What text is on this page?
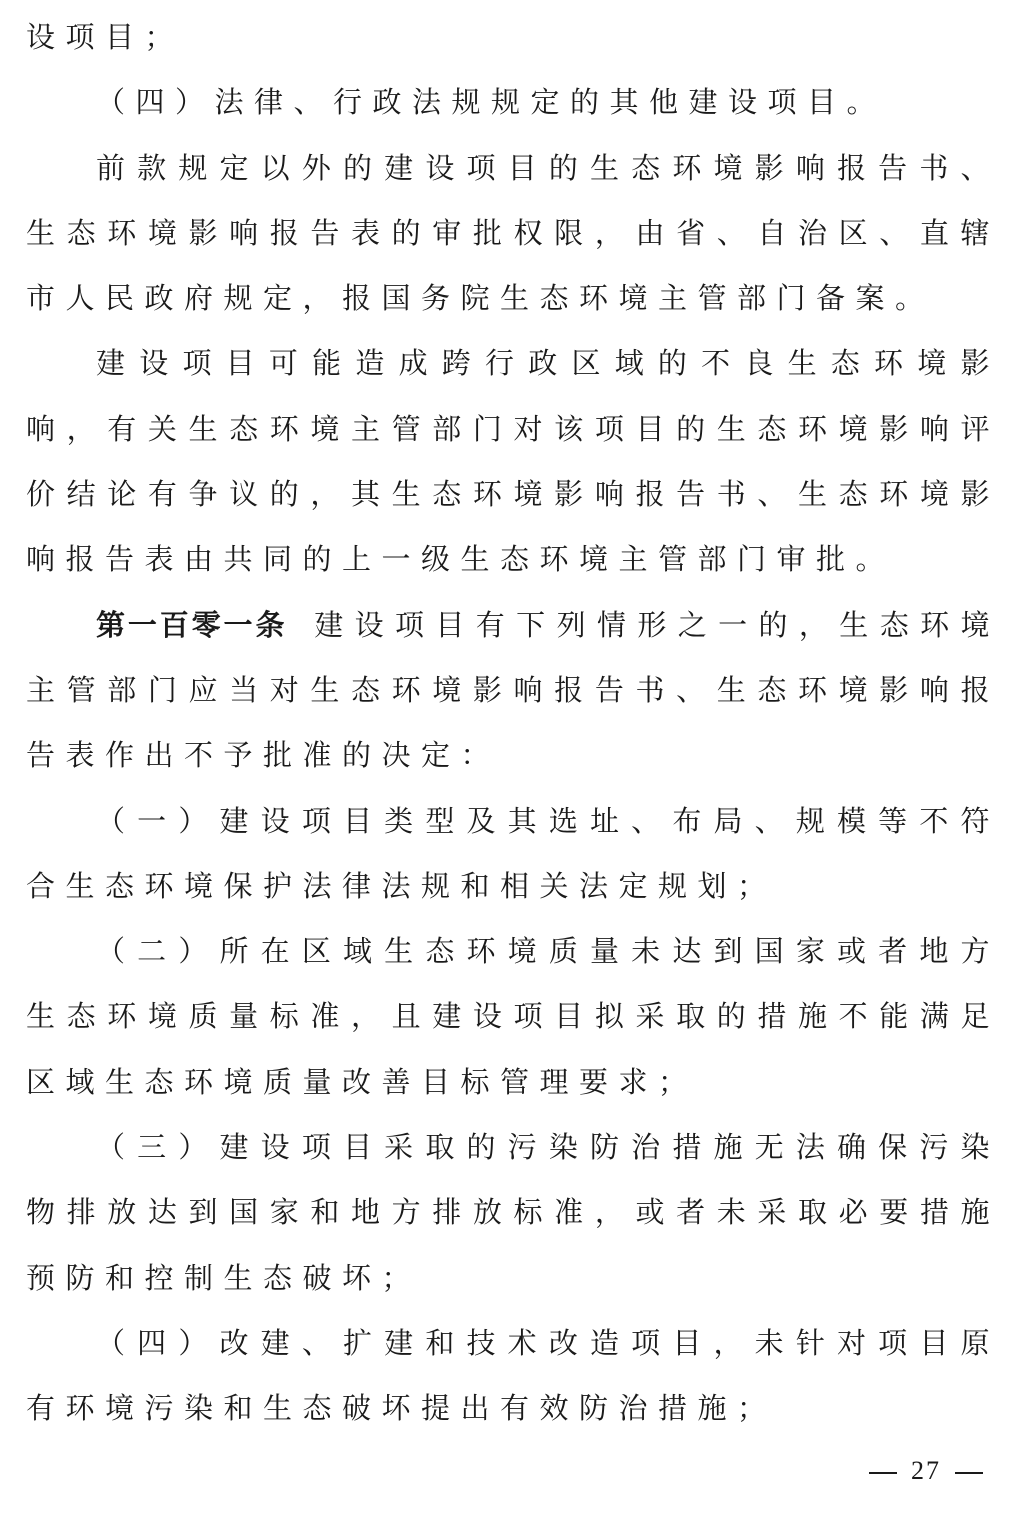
设项目；

（四）法律、行政法规规定的其他建设项目。

前款规定以外的建设项目的生态环境影响报告书、生态环境影响报告表的审批权限，由省、自治区、直辖市人民政府规定，报国务院生态环境主管部门备案。

建设项目可能造成跨行政区域的不良生态环境影响，有关生态环境主管部门对该项目的生态环境影响评价结论有争议的，其生态环境影响报告书、生态环境影响报告表由共同的上一级生态环境主管部门审批。

第一百零一条 建设项目有下列情形之一的，生态环境主管部门应当对生态环境影响报告书、生态环境影响报告表作出不予批准的决定：

（一）建设项目类型及其选址、布局、规模等不符合生态环境保护法律法规和相关法定规划；

（二）所在区域生态环境质量未达到国家或者地方生态环境质量标准，且建设项目拟采取的措施不能满足区域生态环境质量改善目标管理要求；

（三）建设项目采取的污染防治措施无法确保污染物排放达到国家和地方排放标准，或者未采取必要措施预防和控制生态破坏；

（四）改建、扩建和技术改造项目，未针对项目原有环境污染和生态破坏提出有效防治措施；

27
